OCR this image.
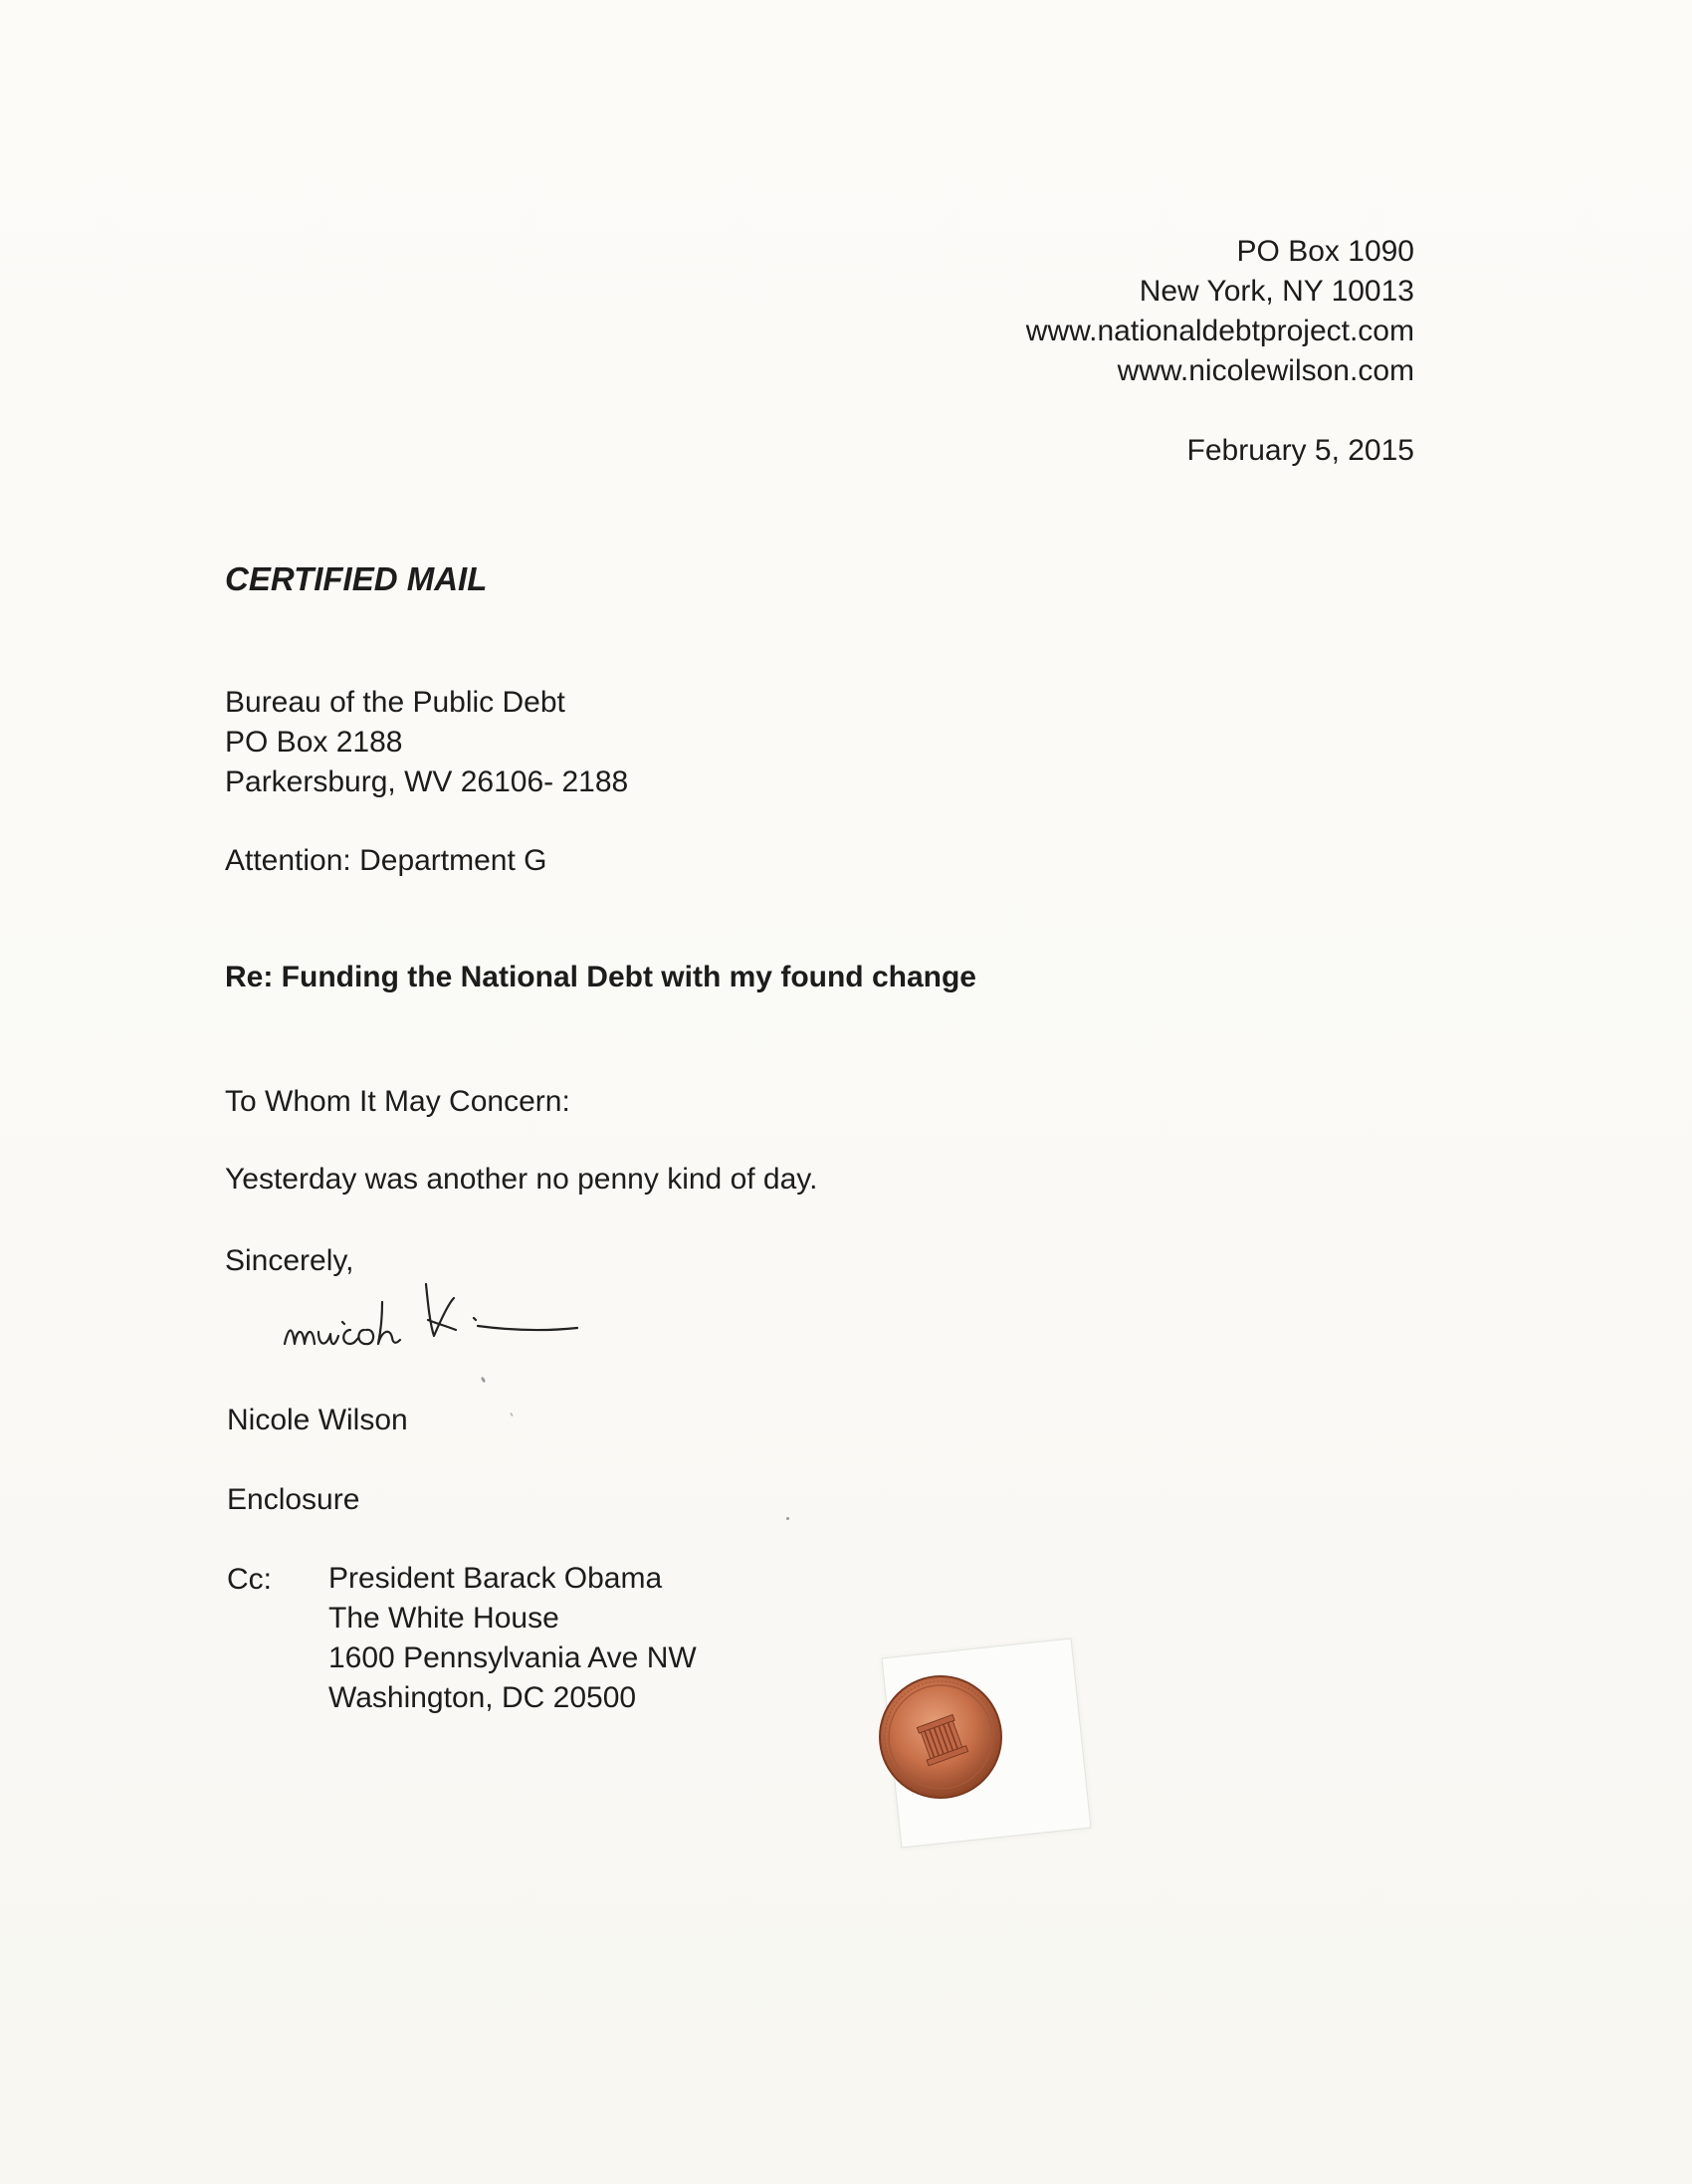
PO Box 1090
New York, NY 10013
www.nationaldebtproject.com
www.nicolewilson.com
February 5, 2015
CERTIFIED MAIL
Bureau of the Public Debt
PO Box 2188
Parkersburg, WV 26106- 2188
Attention: Department G
Re: Funding the National Debt with my found change
To Whom It May Concern:
Yesterday was another no penny kind of day.
Sincerely,
Nicole Wilson
Enclosure
Cc: President Barack Obama
The White House
1600 Pennsylvania Ave NW
Washington, DC 20500
